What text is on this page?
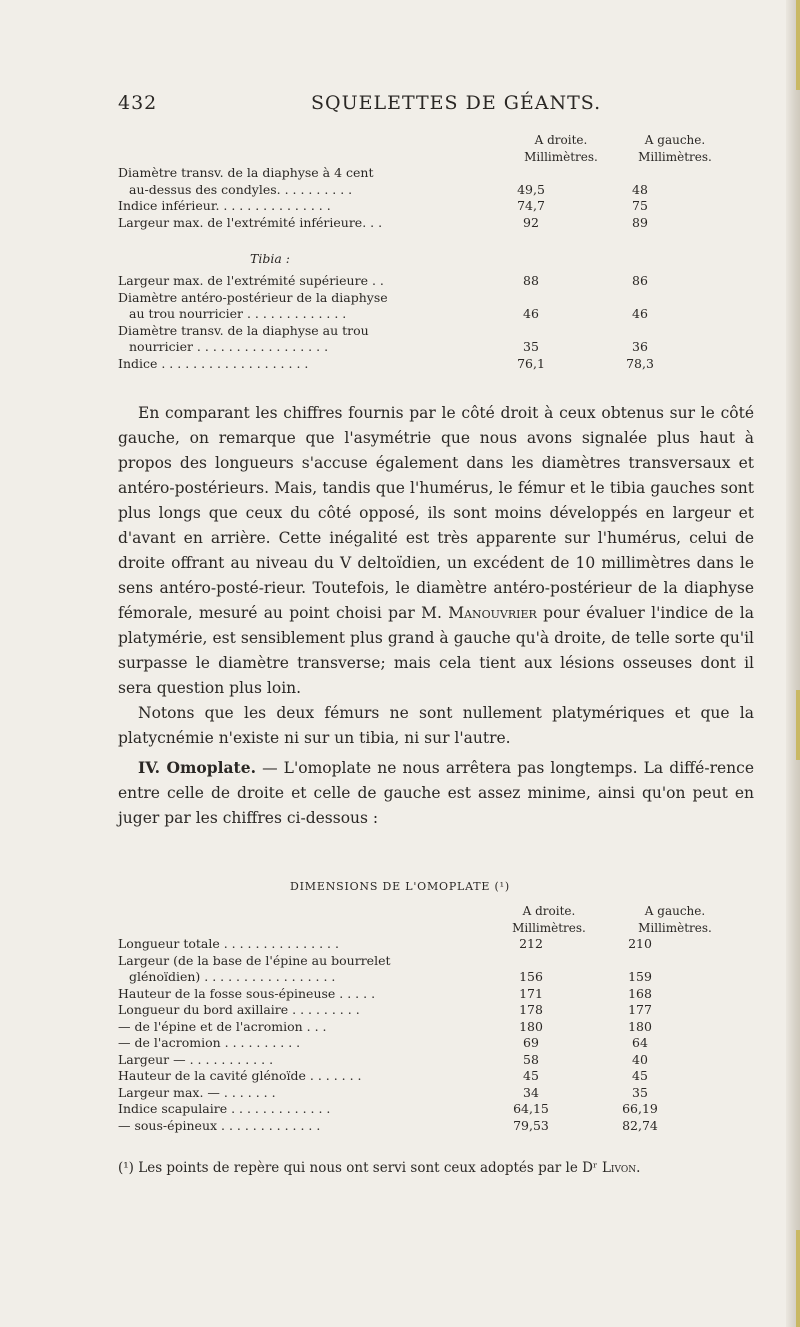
432	SQUELETTES DE GÉANTS.
A droite.	A gauche.
Millimètres.	Millimètres.
Diamètre transv. de la diaphyse à 4 cent
au-dessus des condyles. . . . . . . . . .	49,5	48
Indice inférieur. . . . . . . . . . . . . . .	74,7	75
Largeur max. de l'extrémité inférieure. . .	92	89
Tibia :
Largeur max. de l'extrémité supérieure . .	88	86
Diamètre antéro-postérieur de la diaphyse
au trou nourricier . . . . . . . . . . . . .	46	46
Diamètre transv. de la diaphyse au trou
nourricier . . . . . . . . . . . . . . . . .	35	36
Indice . . . . . . . . . . . . . . . . . . .	76,1	78,3

En comparant les chiffres fournis par le côté droit à ceux obtenus sur le côté gauche, on remarque que l'asymétrie que nous avons signalée plus haut à propos des longueurs s'accuse également dans les diamètres transversaux et antéro-postérieurs. Mais, tandis que l'humérus, le fémur et le tibia gauches sont plus longs que ceux du côté opposé, ils sont moins développés en largeur et d'avant en arrière. Cette inégalité est très apparente sur l'humérus, celui de droite offrant au niveau du V deltoïdien, un excédent de 10 millimètres dans le sens antéro-posté-rieur. Toutefois, le diamètre antéro-postérieur de la diaphyse fémorale, mesuré au point choisi par M. Manouvrier pour évaluer l'indice de la platymérie, est sensiblement plus grand à gauche qu'à droite, de telle sorte qu'il surpasse le diamètre transverse; mais cela tient aux lésions osseuses dont il sera question plus loin.

Notons que les deux fémurs ne sont nullement platymériques et que la platycnémie n'existe ni sur un tibia, ni sur l'autre.

IV. Omoplate. — L'omoplate ne nous arrêtera pas longtemps. La diffé-rence entre celle de droite et celle de gauche est assez minime, ainsi qu'on peut en juger par les chiffres ci-dessous :

DIMENSIONS DE L'OMOPLATE (¹)
A droite.	A gauche.
Millimètres.	Millimètres.
Longueur totale . . . . . . . . . . . . . . .	212	210
Largeur (de la base de l'épine au bourrelet
glénoïdien) . . . . . . . . . . . . . . . . .	156	159
Hauteur de la fosse sous-épineuse . . . . .	171	168
Longueur du bord axillaire . . . . . . . . .	178	177
— de l'épine et de l'acromion . . .	180	180
— de l'acromion . . . . . . . . . .	69	64
Largeur — . . . . . . . . . . .	58	40
Hauteur de la cavité glénoïde . . . . . . .	45	45
Largeur max. — . . . . . . .	34	35
Indice scapulaire . . . . . . . . . . . . .	64,15	66,19
— sous-épineux . . . . . . . . . . . . .	79,53	82,74
(¹) Les points de repère qui nous ont servi sont ceux adoptés par le Dʳ Livon.
